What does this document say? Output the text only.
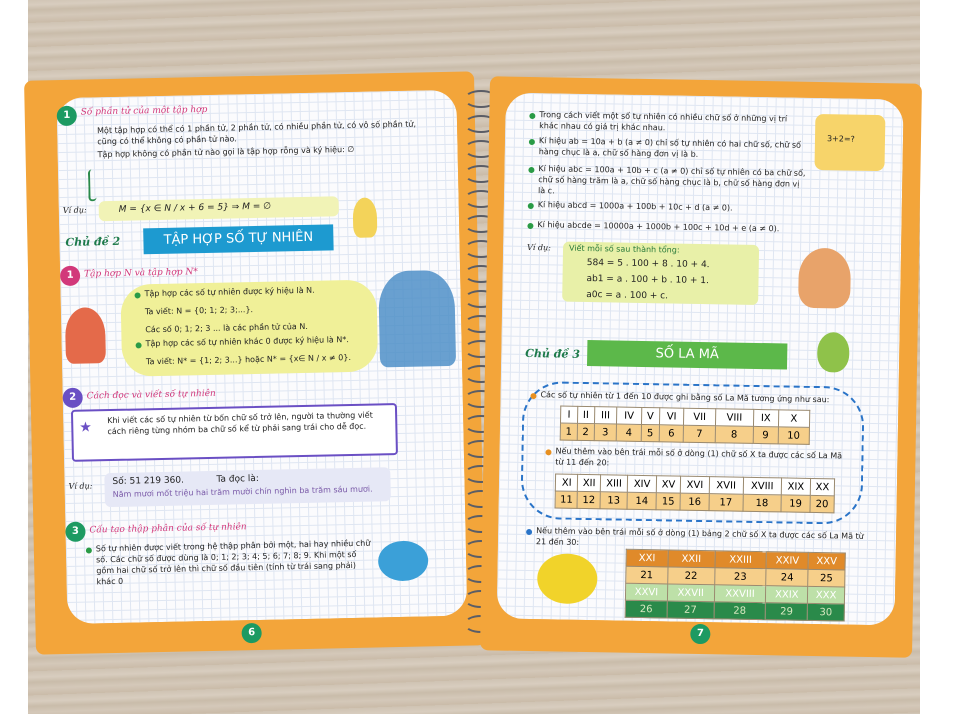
1	Số phần tử của một tập hợp

Một tập hợp có thể có 1 phần tử, 2 phần tử, có nhiều phần tử, có vô số phần tử, cũng có thể không có phần tử nào.

Tập hợp không có phần tử nào gọi là tập hợp rỗng và ký hiệu: ∅

Ví dụ:	M = {x ∈ N / x + 6 = 5} ⇒ M = ∅

Chủ đề 2	TẬP HỢP SỐ TỰ NHIÊN
1	Tập hợp N và tập hợp N*

Tập hợp các số tự nhiên được ký hiệu là N.

Ta viết: N = {0; 1; 2; 3;...}.

Các số 0; 1; 2; 3 ... là các phần tử của N.

Tập hợp các số tự nhiên khác 0 được ký hiệu là N*.

Ta viết: N* = {1; 2; 3...} hoặc N* = {x∈ N / x ≠ 0}.

2	Cách đọc và viết số tự nhiên

★

Khi viết các số tự nhiên từ bốn chữ số trở lên, người ta thường viết cách riêng từng nhóm ba chữ số kể từ phải sang trái cho dễ đọc.

Ví dụ: Số: 51 219 360.	Ta đọc là:

Năm mươi mốt triệu hai trăm mười chín nghìn ba trăm sáu mươi.

3	Cấu tạo thập phân của số tự nhiên

Số tự nhiên được viết trong hệ thập phân bởi một, hai hay nhiều chữ số. Các chữ số được dùng là 0; 1; 2; 3; 4; 5; 6; 7; 8; 9. Khi một số gồm hai chữ số trở lên thì chữ số đầu tiên (tính từ trái sang phải) khác 0

6

Trong cách viết một số tự nhiên có nhiều chữ số ở những vị trí khác nhau có giá trị khác nhau.

Kí hiệu ab = 10a + b (a ≠ 0) chỉ số tự nhiên có hai chữ số, chữ số hàng chục là a, chữ số hàng đơn vị là b.

Kí hiệu abc = 100a + 10b + c (a ≠ 0) chỉ số tự nhiên có ba chữ số, chữ số hàng trăm là a, chữ số hàng chục là b, chữ số hàng đơn vị là c.

Kí hiệu abcd = 1000a + 100b + 10c + d (a ≠ 0).

Kí hiệu abcde = 10000a + 1000b + 100c + 10d + e (a ≠ 0).

3+2=?

Ví dụ: Viết mỗi số sau thành tổng:

584 = 5 . 100 + 8 . 10 + 4.

ab1 = a . 100 + b . 10 + 1.

a0c = a . 100 + c.

Chủ đề 3	SỐ LA MÃ

Các số tự nhiên từ 1 đến 10 được ghi bằng số La Mã tương ứng như sau:

I	II	III	IV	V	VI	VII	VIII	IX	X
1	2	3	4	5	6	7	8	9	10

Nếu thêm vào bên trái mỗi số ở dòng (1) chữ số X ta được các số La Mã từ 11 đến 20:

XI	XII	XIII	XIV	XV	XVI	XVII	XVIII	XIX	XX
11	12	13	14	15	16	17	18	19	20

Nếu thêm vào bên trái mỗi số ở dòng (1) bảng 2 chữ số X ta được các số La Mã từ 21 đến 30:

XXI	XXII	XXIII	XXIV	XXV
21	22	23	24	25
XXVI	XXVII	XXVIII	XXIX	XXX
26	27	28	29	30
7
